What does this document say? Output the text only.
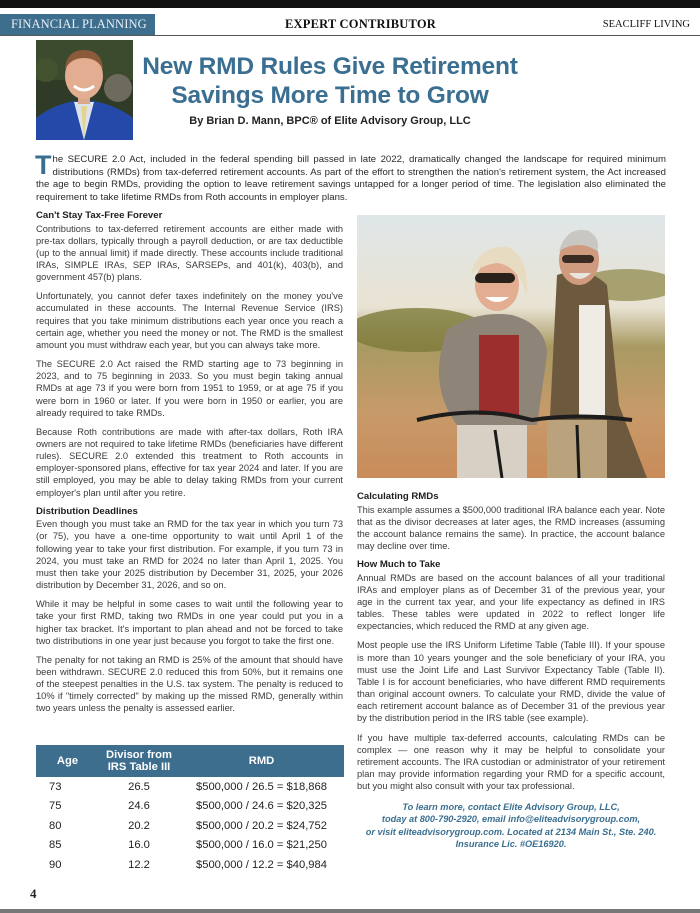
FINANCIAL PLANNING	EXPERT CONTRIBUTOR	SEACLIFF LIVING
New RMD Rules Give Retirement Savings More Time to Grow
By Brian D. Mann, BPC® of Elite Advisory Group, LLC
The SECURE 2.0 Act, included in the federal spending bill passed in late 2022, dramatically changed the landscape for required minimum distributions (RMDs) from tax-deferred retirement accounts. As part of the effort to strengthen the nation's retirement system, the Act increased the age to begin RMDs, providing the option to leave retirement savings untapped for a longer period of time. The legislation also eliminated the requirement to take lifetime RMDs from Roth accounts in employer plans.
Can't Stay Tax-Free Forever

Contributions to tax-deferred retirement accounts are either made with pre-tax dollars, typically through a payroll deduction, or are tax deductible (up to the annual limit) if made directly. These accounts include traditional IRAs, SIMPLE IRAs, SEP IRAs, SARSEPs, and 401(k), 403(b), and government 457(b) plans.

Unfortunately, you cannot defer taxes indefinitely on the money you've accumulated in these accounts. The Internal Revenue Service (IRS) requires that you take minimum distributions each year once you reach a certain age, whether you need the money or not. The RMD is the smallest amount you must withdraw each year, but you can always take more.

The SECURE 2.0 Act raised the RMD starting age to 73 beginning in 2023, and to 75 beginning in 2033. So you must begin taking annual RMDs at age 73 if you were born from 1951 to 1959, or at age 75 if you were born in 1960 or later. If you were born in 1950 or earlier, you are already required to take RMDs.

Because Roth contributions are made with after-tax dollars, Roth IRA owners are not required to take lifetime RMDs (beneficiaries have different rules). SECURE 2.0 extended this treatment to Roth accounts in employer-sponsored plans, effective for tax year 2024 and later. If you are still employed, you may be able to delay taking RMDs from your current employer's plan until after you retire.

Distribution Deadlines

Even though you must take an RMD for the tax year in which you turn 73 (or 75), you have a one-time opportunity to wait until April 1 of the following year to take your first distribution. For example, if you turn 73 in 2024, you must take an RMD for 2024 no later than April 1, 2025. You must then take your 2025 distribution by December 31, 2025, your 2026 distribution by December 31, 2026, and so on.

While it may be helpful in some cases to wait until the following year to take your first RMD, taking two RMDs in one year could put you in a higher tax bracket. It's important to plan ahead and not be forced to take two distributions in one year just because you forgot to take the first one.

The penalty for not taking an RMD is 25% of the amount that should have been withdrawn. SECURE 2.0 reduced this from 50%, but it remains one of the steepest penalties in the U.S. tax system. The penalty is reduced to 10% if "timely corrected" by making up the missed RMD, generally within two years unless the penalty is assessed earlier.

Calculating RMDs

This example assumes a $500,000 traditional IRA balance each year. Note that as the divisor decreases at later ages, the RMD increases (assuming the account balance remains the same). In practice, the account balance may decline over time.

How Much to Take

Annual RMDs are based on the account balances of all your traditional IRAs and employer plans as of December 31 of the previous year, your age in the current tax year, and your life expectancy as defined in IRS tables. These tables were updated in 2022 to reflect longer life expectancies, which reduced the RMD at any given age.

Most people use the IRS Uniform Lifetime Table (Table III). If your spouse is more than 10 years younger and the sole beneficiary of your IRA, you must use the Joint Life and Last Survivor Expectancy Table (Table II). Table I is for account beneficiaries, who have different RMD requirements than original account owners. To calculate your RMD, divide the value of each retirement account balance as of December 31 of the previous year by the distribution period in the IRS table (see example).

If you have multiple tax-deferred accounts, calculating RMDs can be complex — one reason why it may be helpful to consolidate your retirement accounts. The IRA custodian or administrator of your retirement plan may provide information regarding your RMD for a specific account, but you might also consult with your tax professional.

Age	Divisor from IRS Table III	RMD
73	26.5	$500,000 / 26.5 = $18,868
75	24.6	$500,000 / 24.6 = $20,325
80	20.2	$500,000 / 20.2 = $24,752
85	16.0	$500,000 / 16.0 = $21,250
90	12.2	$500,000 / 12.2 = $40,984
To learn more, contact Elite Advisory Group, LLC,
today at 800-790-2920, email info@eliteadvisorygroup.com,
or visit eliteadvisorygroup.com. Located at 2134 Main St., Ste. 240.
Insurance Lic. #OE16920.
4
